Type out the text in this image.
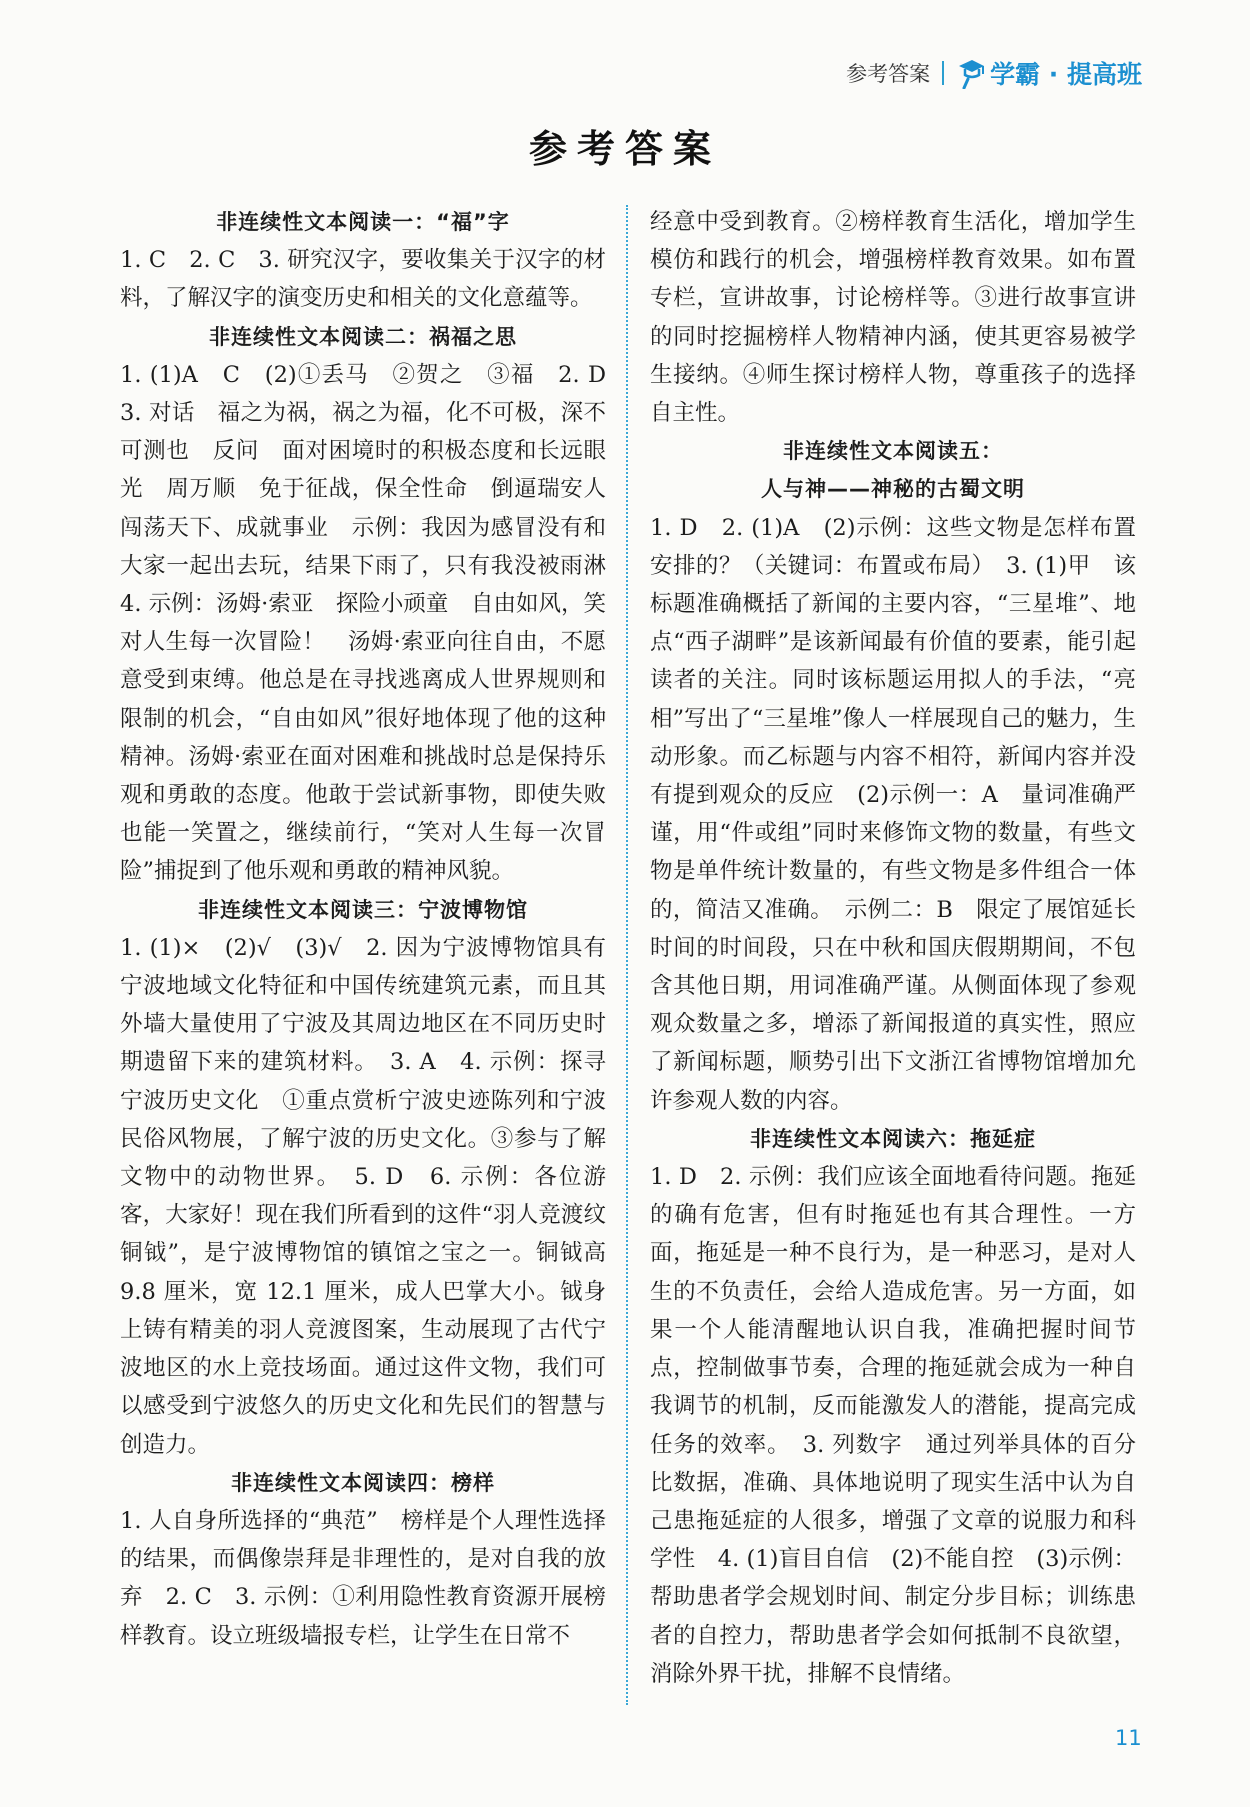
参考答案 学霸 · 提高班
参考答案

非连续性文本阅读一：“福”字

1. C　2. C　3. 研究汉字，要收集关于汉字的材料，了解汉字的演变历史和相关的文化意蕴等。

非连续性文本阅读二：祸福之思

1. (1)A　C　(2)①丢马　②贺之　③福　2. D　3. 对话　福之为祸，祸之为福，化不可极，深不可测也　反问　面对困境时的积极态度和长远眼光　周万顺　免于征战，保全性命　倒逼瑞安人闯荡天下、成就事业　示例：我因为感冒没有和大家一起出去玩，结果下雨了，只有我没被雨淋　4. 示例：汤姆·索亚　探险小顽童　自由如风，笑对人生每一次冒险！　汤姆·索亚向往自由，不愿意受到束缚。他总是在寻找逃离成人世界规则和限制的机会，“自由如风”很好地体现了他的这种精神。汤姆·索亚在面对困难和挑战时总是保持乐观和勇敢的态度。他敢于尝试新事物，即使失败也能一笑置之，继续前行，“笑对人生每一次冒险”捕捉到了他乐观和勇敢的精神风貌。

非连续性文本阅读三：宁波博物馆

1. (1)×　(2)√　(3)√　2. 因为宁波博物馆具有宁波地域文化特征和中国传统建筑元素，而且其外墙大量使用了宁波及其周边地区在不同历史时期遗留下来的建筑材料。　3. A　4. 示例：探寻宁波历史文化　①重点赏析宁波史迹陈列和宁波民俗风物展，了解宁波的历史文化。③参与了解文物中的动物世界。　5. D　6. 示例：各位游客，大家好！现在我们所看到的这件“羽人竞渡纹铜钺”，是宁波博物馆的镇馆之宝之一。铜钺高 9.8 厘米，宽 12.1 厘米，成人巴掌大小。钺身上铸有精美的羽人竞渡图案，生动展现了古代宁波地区的水上竞技场面。通过这件文物，我们可以感受到宁波悠久的历史文化和先民们的智慧与创造力。

非连续性文本阅读四：榜样

1. 人自身所选择的“典范”　榜样是个人理性选择的结果，而偶像崇拜是非理性的，是对自我的放弃　2. C　3. 示例：①利用隐性教育资源开展榜样教育。设立班级墙报专栏，让学生在日常不

经意中受到教育。②榜样教育生活化，增加学生模仿和践行的机会，增强榜样教育效果。如布置专栏，宣讲故事，讨论榜样等。③进行故事宣讲的同时挖掘榜样人物精神内涵，使其更容易被学生接纳。④师生探讨榜样人物，尊重孩子的选择自主性。

非连续性文本阅读五：

人与神——神秘的古蜀文明

1. D　2. (1)A　(2)示例：这些文物是怎样布置安排的？（关键词：布置或布局）　3. (1)甲　该标题准确概括了新闻的主要内容，“三星堆”、地点“西子湖畔”是该新闻最有价值的要素，能引起读者的关注。同时该标题运用拟人的手法，“亮相”写出了“三星堆”像人一样展现自己的魅力，生动形象。而乙标题与内容不相符，新闻内容并没有提到观众的反应　(2)示例一：A　量词准确严谨，用“件或组”同时来修饰文物的数量，有些文物是单件统计数量的，有些文物是多件组合一体的，简洁又准确。　示例二：B　限定了展馆延长时间的时间段，只在中秋和国庆假期期间，不包含其他日期，用词准确严谨。从侧面体现了参观观众数量之多，增添了新闻报道的真实性，照应了新闻标题，顺势引出下文浙江省博物馆增加允许参观人数的内容。

非连续性文本阅读六：拖延症

1. D　2. 示例：我们应该全面地看待问题。拖延的确有危害，但有时拖延也有其合理性。一方面，拖延是一种不良行为，是一种恶习，是对人生的不负责任，会给人造成危害。另一方面，如果一个人能清醒地认识自我，准确把握时间节点，控制做事节奏，合理的拖延就会成为一种自我调节的机制，反而能激发人的潜能，提高完成任务的效率。　3. 列数字　通过列举具体的百分比数据，准确、具体地说明了现实生活中认为自己患拖延症的人很多，增强了文章的说服力和科学性　4. (1)盲目自信　(2)不能自控　(3)示例：帮助患者学会规划时间、制定分步目标；训练患者的自控力，帮助患者学会如何抵制不良欲望，消除外界干扰，排解不良情绪。

11
